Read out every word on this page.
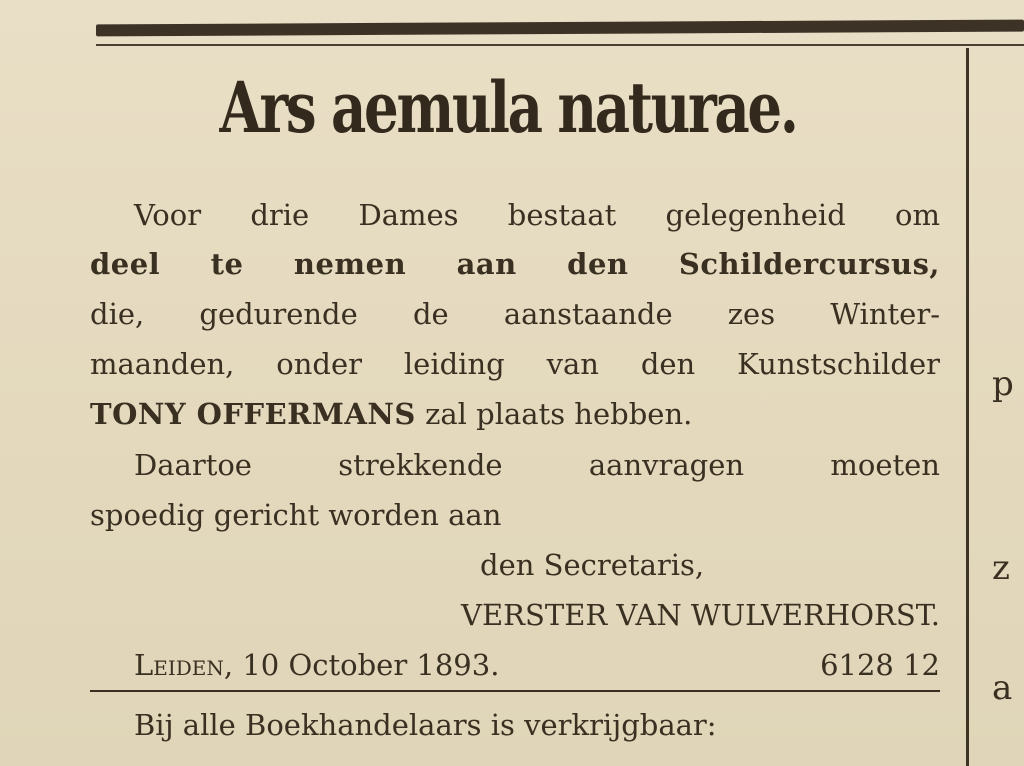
p
z
a
Ars aemula naturae.
Voor drie Dames bestaat gelegenheid om
deel te nemen aan den Schildercursus,
die, gedurende de aanstaande zes Winter-
maanden, onder leiding van den Kunstschilder
TONY OFFERMANS zal plaats hebben.
Daartoe strekkende aanvragen moeten
spoedig gericht worden aan
den Secretaris,
VERSTER VAN WULVERHORST.
Leiden, 10 October 1893.	6128 12
Bij alle Boekhandelaars is verkrijgbaar:
